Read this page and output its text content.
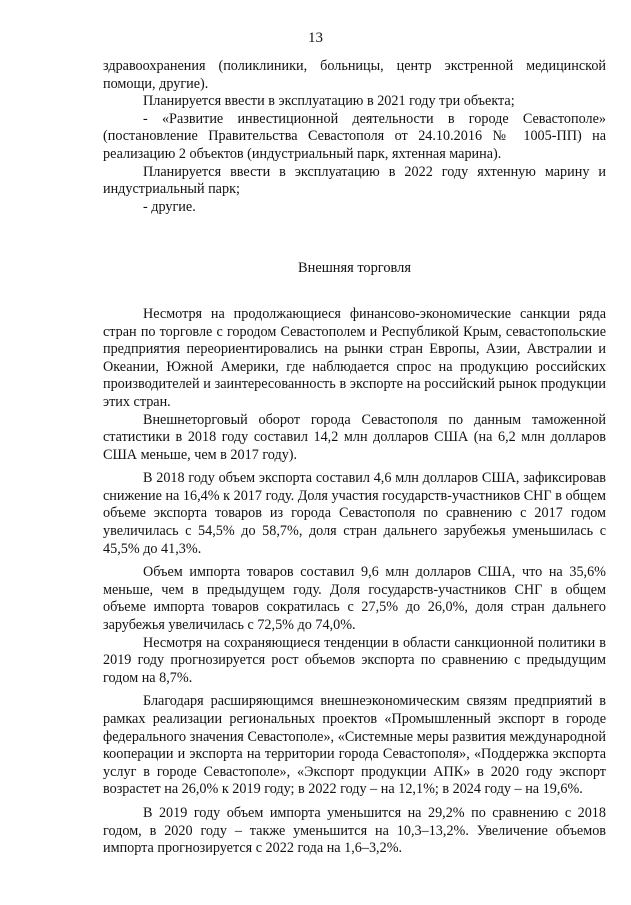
13

здравоохранения (поликлиники, больницы, центр экстренной медицинской помощи, другие).

Планируется ввести в эксплуатацию в 2021 году три объекта;

- «Развитие инвестиционной деятельности в городе Севастополе» (постановление Правительства Севастополя от 24.10.2016 № 1005-ПП) на реализацию 2 объектов (индустриальный парк, яхтенная марина).

Планируется ввести в эксплуатацию в 2022 году яхтенную марину и индустриальный парк;

- другие.

Внешняя торговля

Несмотря на продолжающиеся финансово-экономические санкции ряда стран по торговле с городом Севастополем и Республикой Крым, севастопольские предприятия переориентировались на рынки стран Европы, Азии, Австралии и Океании, Южной Америки, где наблюдается спрос на продукцию российских производителей и заинтересованность в экспорте на российский рынок продукции этих стран.

Внешнеторговый оборот города Севастополя по данным таможенной статистики в 2018 году составил 14,2 млн долларов США (на 6,2 млн долларов США меньше, чем в 2017 году).

В 2018 году объем экспорта составил 4,6 млн долларов США, зафиксировав снижение на 16,4% к 2017 году. Доля участия государств-участников СНГ в общем объеме экспорта товаров из города Севастополя по сравнению с 2017 годом увеличилась с 54,5% до 58,7%, доля стран дальнего зарубежья уменьшилась с 45,5% до 41,3%.

Объем импорта товаров составил 9,6 млн долларов США, что на 35,6% меньше, чем в предыдущем году. Доля государств-участников СНГ в общем объеме импорта товаров сократилась с 27,5% до 26,0%, доля стран дальнего зарубежья увеличилась с 72,5% до 74,0%.

Несмотря на сохраняющиеся тенденции в области санкционной политики в 2019 году прогнозируется рост объемов экспорта по сравнению с предыдущим годом на 8,7%.

Благодаря расширяющимся внешнеэкономическим связям предприятий в рамках реализации региональных проектов «Промышленный экспорт в городе федерального значения Севастополе», «Системные меры развития международной кооперации и экспорта на территории города Севастополя», «Поддержка экспорта услуг в городе Севастополе», «Экспорт продукции АПК» в 2020 году экспорт возрастет на 26,0% к 2019 году; в 2022 году – на 12,1%; в 2024 году – на 19,6%.

В 2019 году объем импорта уменьшится на 29,2% по сравнению с 2018 годом, в 2020 году – также уменьшится на 10,3–13,2%. Увеличение объемов импорта прогнозируется с 2022 года на 1,6–3,2%.
